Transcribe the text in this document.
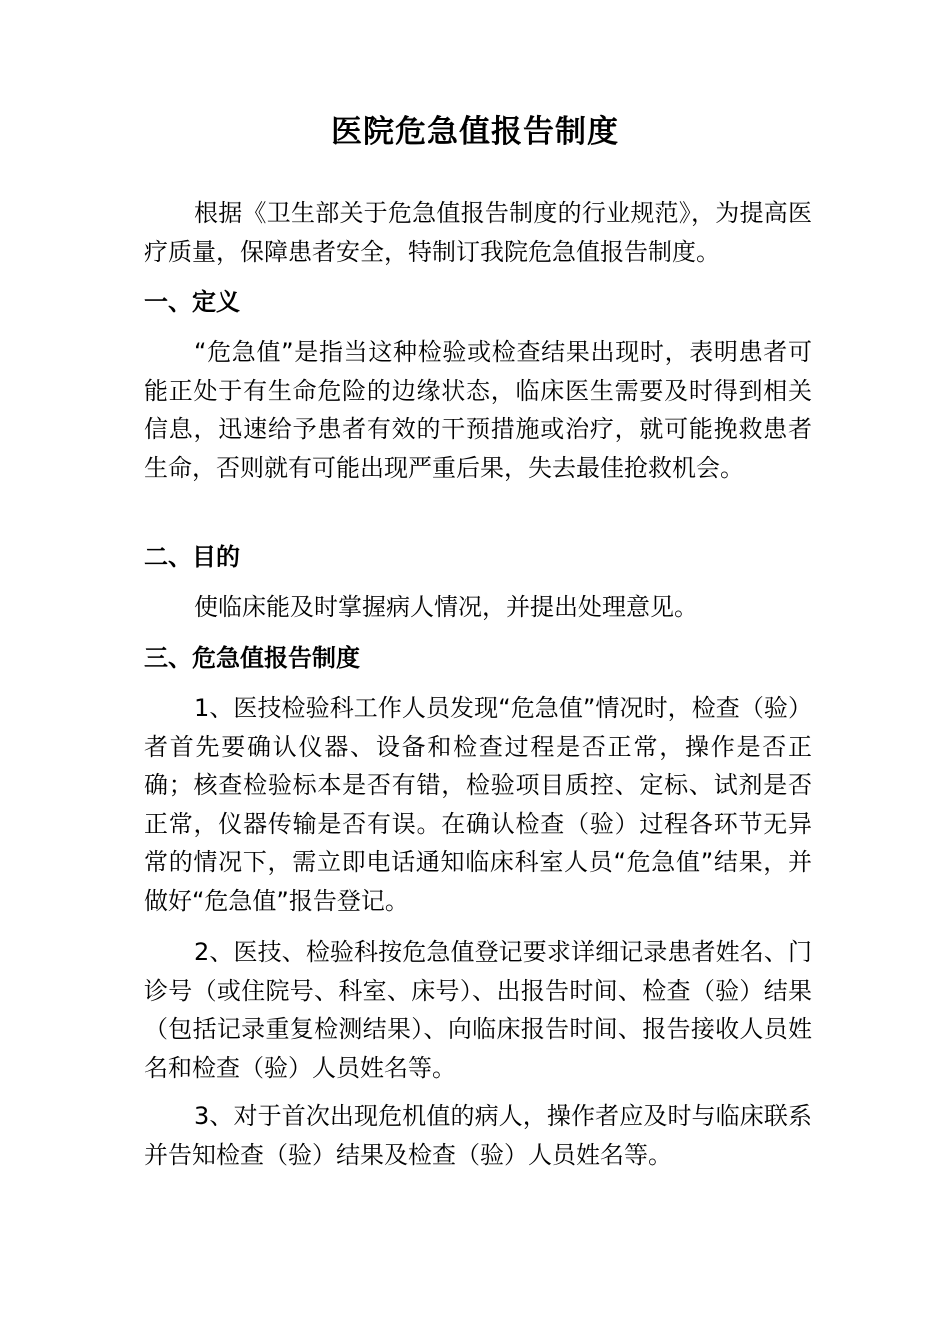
医院危急值报告制度

根据《卫生部关于危急值报告制度的行业规范》，为提高医疗质量，保障患者安全，特制订我院危急值报告制度。

一、定义

“危急值”是指当这种检验或检查结果出现时，表明患者可能正处于有生命危险的边缘状态，临床医生需要及时得到相关信息，迅速给予患者有效的干预措施或治疗，就可能挽救患者生命，否则就有可能出现严重后果，失去最佳抢救机会。

二、目的

使临床能及时掌握病人情况，并提出处理意见。

三、危急值报告制度

1、医技检验科工作人员发现“危急值”情况时，检查（验）者首先要确认仪器、设备和检查过程是否正常，操作是否正确；核查检验标本是否有错，检验项目质控、定标、试剂是否正常，仪器传输是否有误。在确认检查（验）过程各环节无异常的情况下，需立即电话通知临床科室人员“危急值”结果，并做好“危急值”报告登记。

2、医技、检验科按危急值登记要求详细记录患者姓名、门诊号（或住院号、科室、床号）、出报告时间、检查（验）结果（包括记录重复检测结果）、向临床报告时间、报告接收人员姓名和检查（验）人员姓名等。

3、对于首次出现危机值的病人，操作者应及时与临床联系并告知检查（验）结果及检查（验）人员姓名等。
